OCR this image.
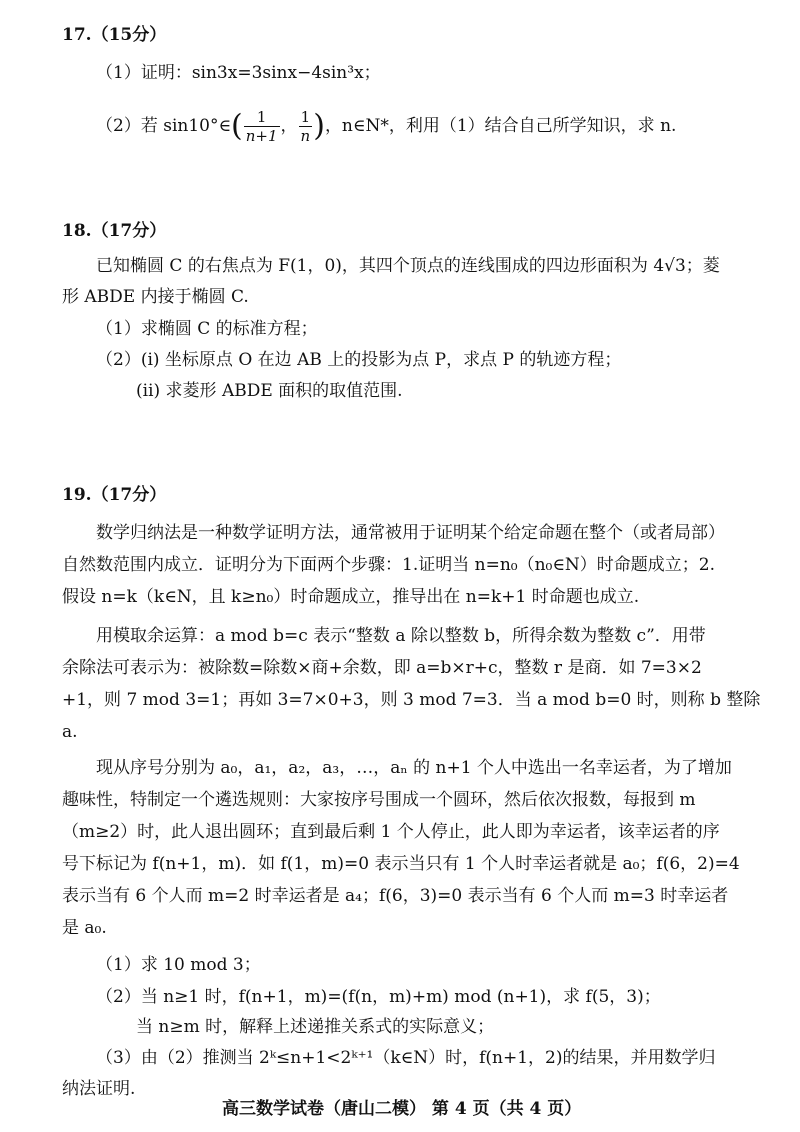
17.（15分）
（1）证明：sin3x=3sinx−4sin³x；
（2）若 sin10°∈( $\frac{1}{n+1}$ ， $\frac{1}{n}$ )，n∈N*，利用（1）结合自己所学知识，求 n.
18.（17分）
已知椭圆 C 的右焦点为 F(1，0)，其四个顶点的连线围成的四边形面积为 4√3；菱
形 ABDE 内接于椭圆 C.
（1）求椭圆 C 的标准方程；
（2）(ⅰ) 坐标原点 O 在边 AB 上的投影为点 P，求点 P 的轨迹方程；
(ⅱ) 求菱形 ABDE 面积的取值范围.
19.（17分）
数学归纳法是一种数学证明方法，通常被用于证明某个给定命题在整个（或者局部）
自然数范围内成立．证明分为下面两个步骤：1.证明当 n=n₀（n₀∈N）时命题成立；2.
假设 n=k（k∈N，且 k≥n₀）时命题成立，推导出在 n=k+1 时命题也成立.
用模取余运算：a mod b=c 表示“整数 a 除以整数 b，所得余数为整数 c”．用带
余除法可表示为：被除数=除数×商+余数，即 a=b×r+c，整数 r 是商．如 7=3×2
+1，则 7 mod 3=1；再如 3=7×0+3，则 3 mod 7=3．当 a mod b=0 时，则称 b 整除
a.
现从序号分别为 a₀，a₁，a₂，a₃，…，aₙ 的 n+1 个人中选出一名幸运者，为了增加
趣味性，特制定一个遴选规则：大家按序号围成一个圆环，然后依次报数，每报到 m
（m≥2）时，此人退出圆环；直到最后剩 1 个人停止，此人即为幸运者，该幸运者的序
号下标记为 f(n+1，m)．如 f(1，m)=0 表示当只有 1 个人时幸运者就是 a₀；f(6，2)=4
表示当有 6 个人而 m=2 时幸运者是 a₄；f(6，3)=0 表示当有 6 个人而 m=3 时幸运者
是 a₀.
（1）求 10 mod 3；
（2）当 n≥1 时，f(n+1，m)=(f(n，m)+m) mod (n+1)，求 f(5，3)；
当 n≥m 时，解释上述递推关系式的实际意义；
（3）由（2）推测当 2ᵏ≤n+1<2ᵏ⁺¹（k∈N）时，f(n+1，2)的结果，并用数学归
纳法证明.
高三数学试卷（唐山二模） 第 4 页（共 4 页）
